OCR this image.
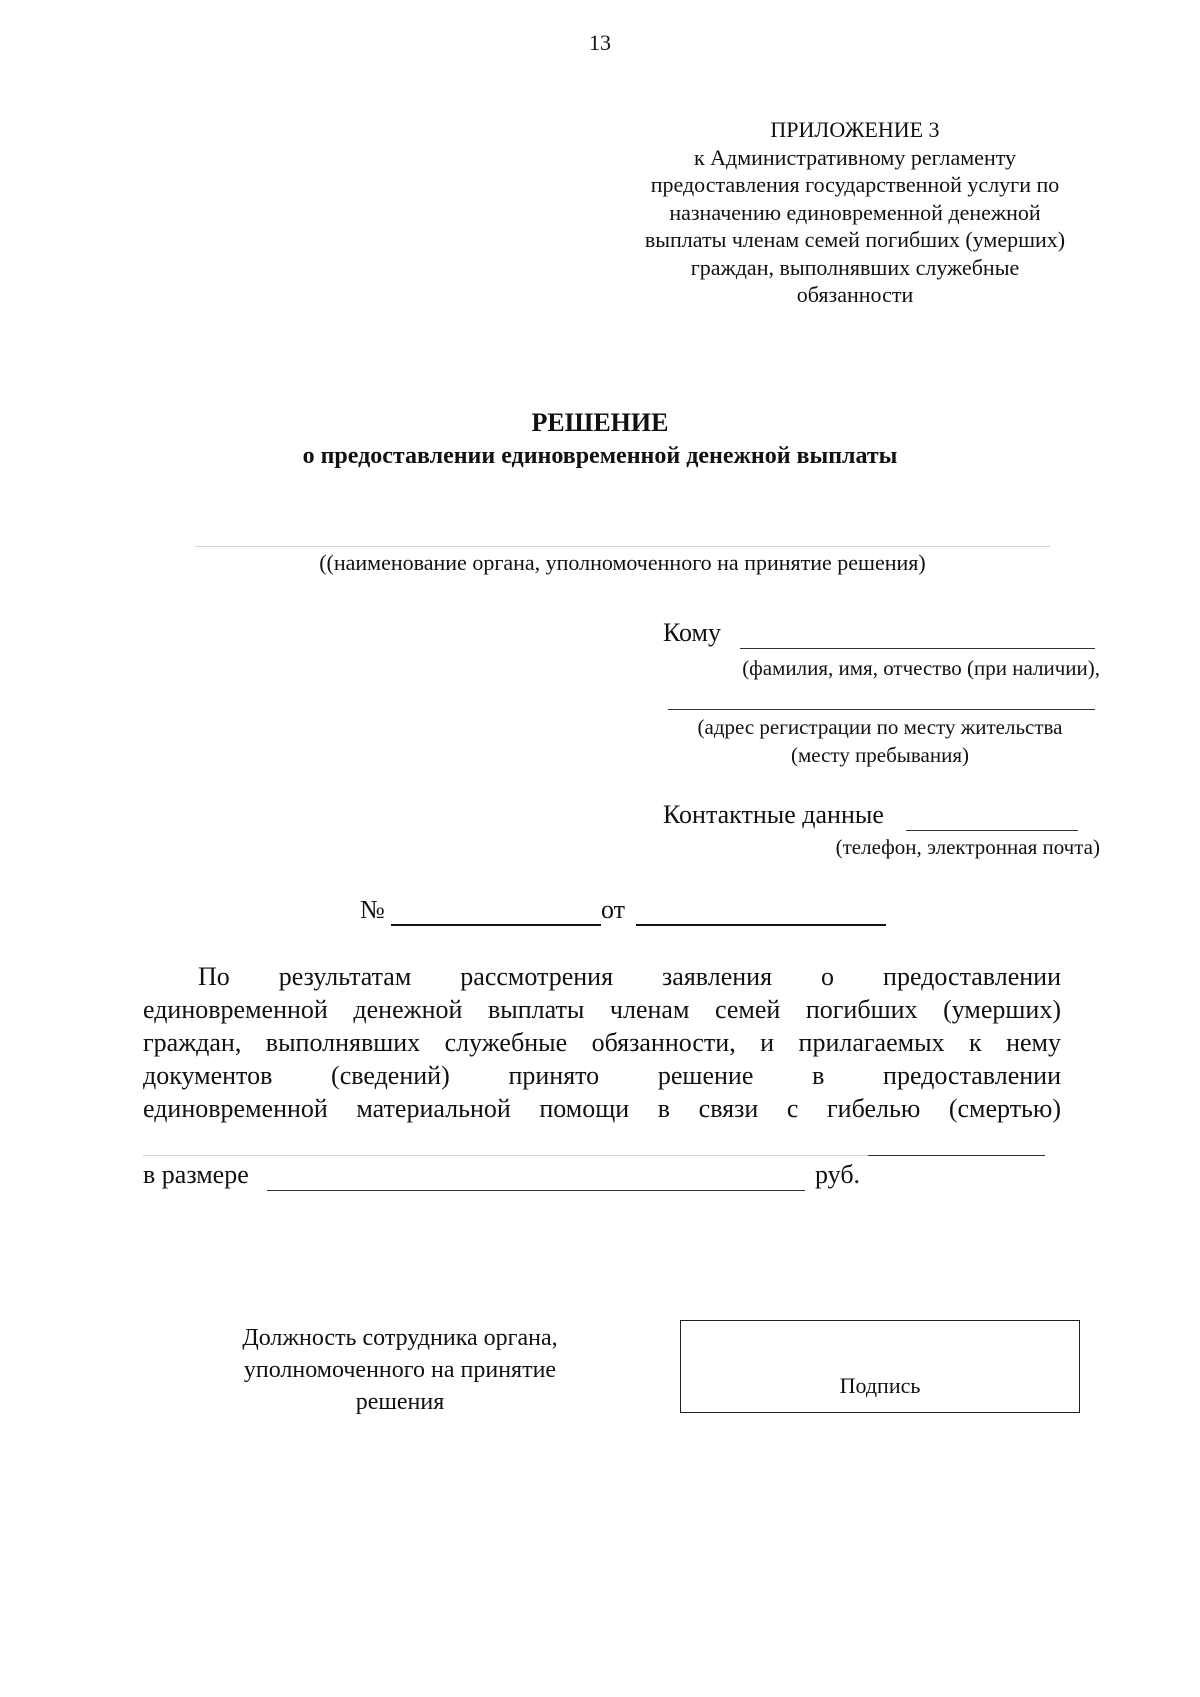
13
ПРИЛОЖЕНИЕ 3
к Административному регламенту
предоставления государственной услуги по
назначению единовременной денежной
выплаты членам семей погибших (умерших)
граждан, выполнявших служебные
обязанности
РЕШЕНИЕ
о предоставлении единовременной денежной выплаты
((наименование органа, уполномоченного на принятие решения)
Кому
(фамилия, имя, отчество (при наличии),
(адрес регистрации по месту жительства
(месту пребывания)
Контактные данные
(телефон, электронная почта)
№	от

По результатам рассмотрения заявления о предоставлении

единовременной денежной выплаты членам семей погибших (умерших)
граждан, выполнявших служебные обязанности, и прилагаемых к нему
документов (сведений) принято решение в предоставлении
единовременной материальной помощи в связи с гибелью (смертью)
в размере	руб.
Должность сотрудника органа,
уполномоченного на принятие
решения
Подпись
